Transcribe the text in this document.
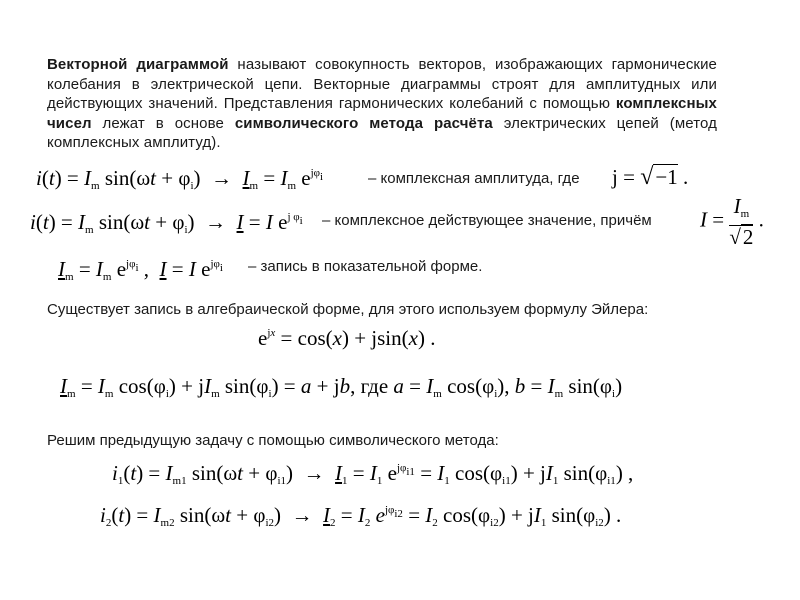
Векторной диаграммой называют совокупность векторов, изображающих гармонические колебания в электрической цепи. Векторные диаграммы строят для амплитудных или действующих значений. Представления гармонических колебаний с помощью комплексных чисел лежат в основе символического метода расчёта электрических цепей (метод комплексных амплитуд).
$i(t) = I_m$ $\sin(\omega t + \varphi_i) \to I_m = I_m$ $e^{j\varphi_i}$	– комплексная амплитуда, где j = √−1 .
$i(t) = I_m$ $\sin(\omega t + \varphi_i) \to I = I$ $e^{j \varphi_i}$ – комплексное действующее значение, причём $I = \frac{I_m}{√2}$ .
$I_m = I_m$ $e^{j\varphi_i}$ ,  I = I $e^{j\varphi_i}$ – запись в показательной форме.
Существует запись в алгебраической форме, для этого используем формулу Эйлера:
$e^{jx} = \cos(x) + jsin(x)$ .
$I_m = I_m$ $\cos(\varphi_i) + jI_m$ $\sin(\varphi_i) = a$ + jb, где $a = I_m$ $\cos(\varphi_i)$, $b = I_m$ $\sin(\varphi_i)$
Решим предыдущую задачу с помощью символического метода:
$i_1(t) = I_{m1}$ $\sin(\omega t + \varphi_{i1}) \to I_1 = I_1$ $e^{j\varphi_{i1}} = I_1$ $\cos(\varphi_{i1}) + jI_1$ $\sin(\varphi_{i1})$ ,
$i_2(t) = I_{m2}$ $\sin(\omega t + \varphi_{i2}) \to I_2 = I_2$ $e^{j\varphi_{i2}} = I_2$ $\cos(\varphi_{i2}) + jI_1$ $\sin(\varphi_{i2})$ .
